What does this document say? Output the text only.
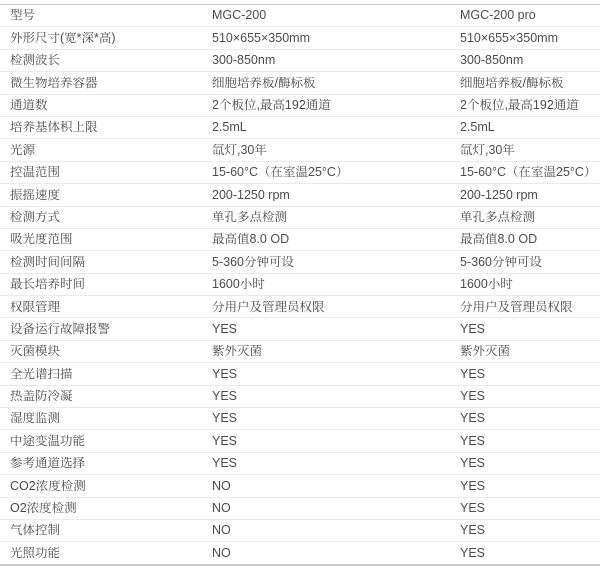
型号	MGC-200	MGC-200 pro
外形尺寸(宽*深*高)	510×655×350mm	510×655×350mm
检测波长	300-850nm	300-850nm
微生物培养容器	细胞培养板/酶标板	细胞培养板/酶标板
通道数	2个板位,最高192通道	2个板位,最高192通道
培养基体积上限	2.5mL	2.5mL
光源	氙灯,30年	氙灯,30年
控温范围	15-60°C（在室温25°C）	15-60°C（在室温25°C）
振摇速度	200-1250 rpm	200-1250 rpm
检测方式	单孔多点检测	单孔多点检测
吸光度范围	最高值8.0 OD	最高值8.0 OD
检测时间间隔	5-360分钟可设	5-360分钟可设
最长培养时间	1600小时	1600小时
权限管理	分用户及管理员权限	分用户及管理员权限
设备运行故障报警	YES	YES
灭菌模块	紫外灭菌	紫外灭菌
全光谱扫描	YES	YES
热盖防冷凝	YES	YES
湿度监测	YES	YES
中途变温功能	YES	YES
参考通道选择	YES	YES
CO2浓度检测	NO	YES
O2浓度检测	NO	YES
气体控制	NO	YES
光照功能	NO	YES
